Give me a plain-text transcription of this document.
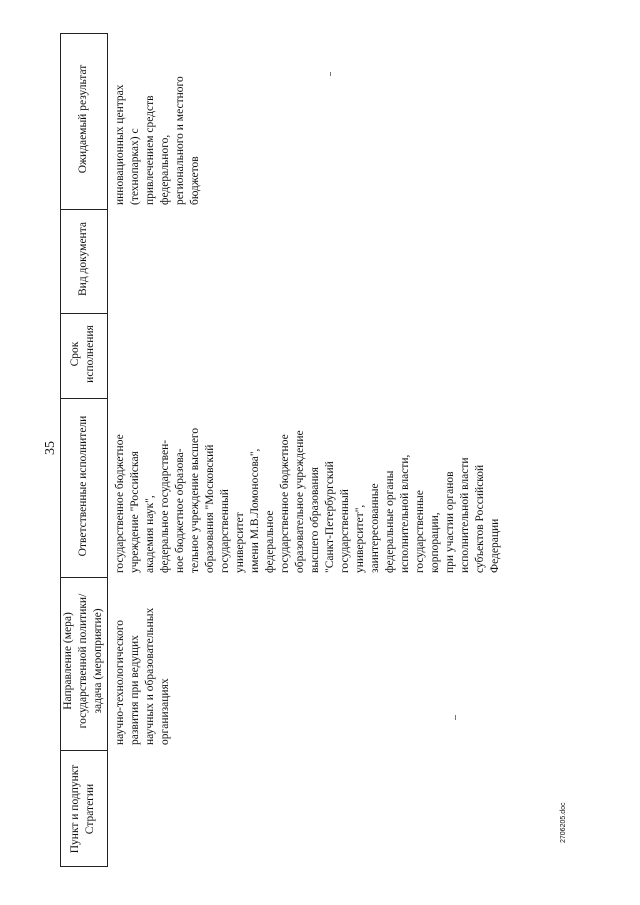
35
Пункт и подпункт
Стратегии
Направление (мера)
государственной политики/
задача (мероприятие)
Ответственные исполнители
Срок
исполнения
Вид документа
Ожидаемый результат
научно-технологического
развития при ведущих
научных и образовательных
организациях
государственное бюджетное
учреждение "Российская
академия наук",
федеральное государствен-
ное бюджетное образова-
тельное учреждение высшего
образования "Московский
государственный
университет
имени М.В.Ломоносова",
федеральное
государственное бюджетное
образовательное учреждение
высшего образования
"Санкт-Петербургский
государственный
университет",
заинтересованные
федеральные органы
исполнительной власти,
государственные
корпорации,
при участии органов
исполнительной власти
субъектов Российской
Федерации
инновационных центрах
(технопарках) с
привлечением средств
федерального,
регионального и местного
бюджетов
2706205.doc
